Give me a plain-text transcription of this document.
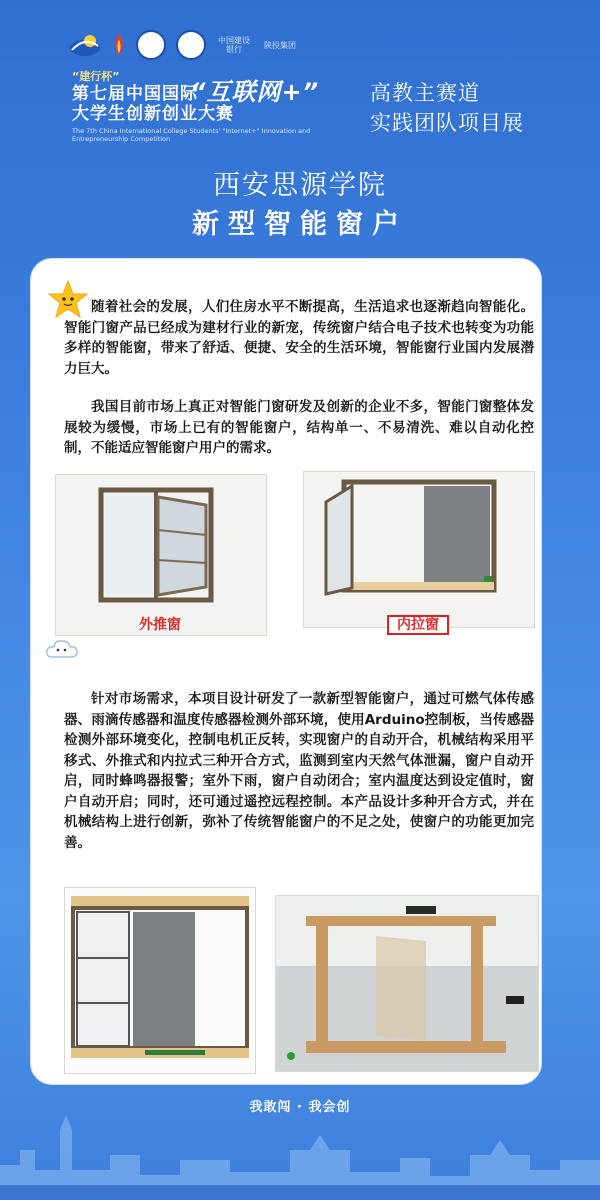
中国建设银行	陕投集团
“建行杯”
第七届中国国际
大学生创新创业大赛
The 7th China International College Students' "Internet+" Innovation and Entrepreneurship Competition
“互联网+” 高教主赛道
实践团队项目展
西安思源学院
新型智能窗户
随着社会的发展，人们住房水平不断提高，生活追求也逐渐趋向智能化。智能门窗产品已经成为建材行业的新宠，传统窗户结合电子技术也转变为功能多样的智能窗，带来了舒适、便捷、安全的生活环境，智能窗行业国内发展潜力巨大。
我国目前市场上真正对智能门窗研发及创新的企业不多，智能门窗整体发展较为缓慢，市场上已有的智能窗户，结构单一、不易清洗、难以自动化控制，不能适应智能窗户用户的需求。
外推窗	内拉窗
针对市场需求，本项目设计研发了一款新型智能窗户，通过可燃气体传感器、雨滴传感器和温度传感器检测外部环境，使用Arduino控制板，当传感器检测外部环境变化，控制电机正反转，实现窗户的自动开合，机械结构采用平移式、外推式和内拉式三种开合方式，监测到室内天然气体泄漏，窗户自动开启，同时蜂鸣器报警；室外下雨，窗户自动闭合；室内温度达到设定值时，窗户自动开启；同时，还可通过遥控远程控制。本产品设计多种开合方式，并在机械结构上进行创新，弥补了传统智能窗户的不足之处，使窗户的功能更加完善。
我敢闯 · 我会创
